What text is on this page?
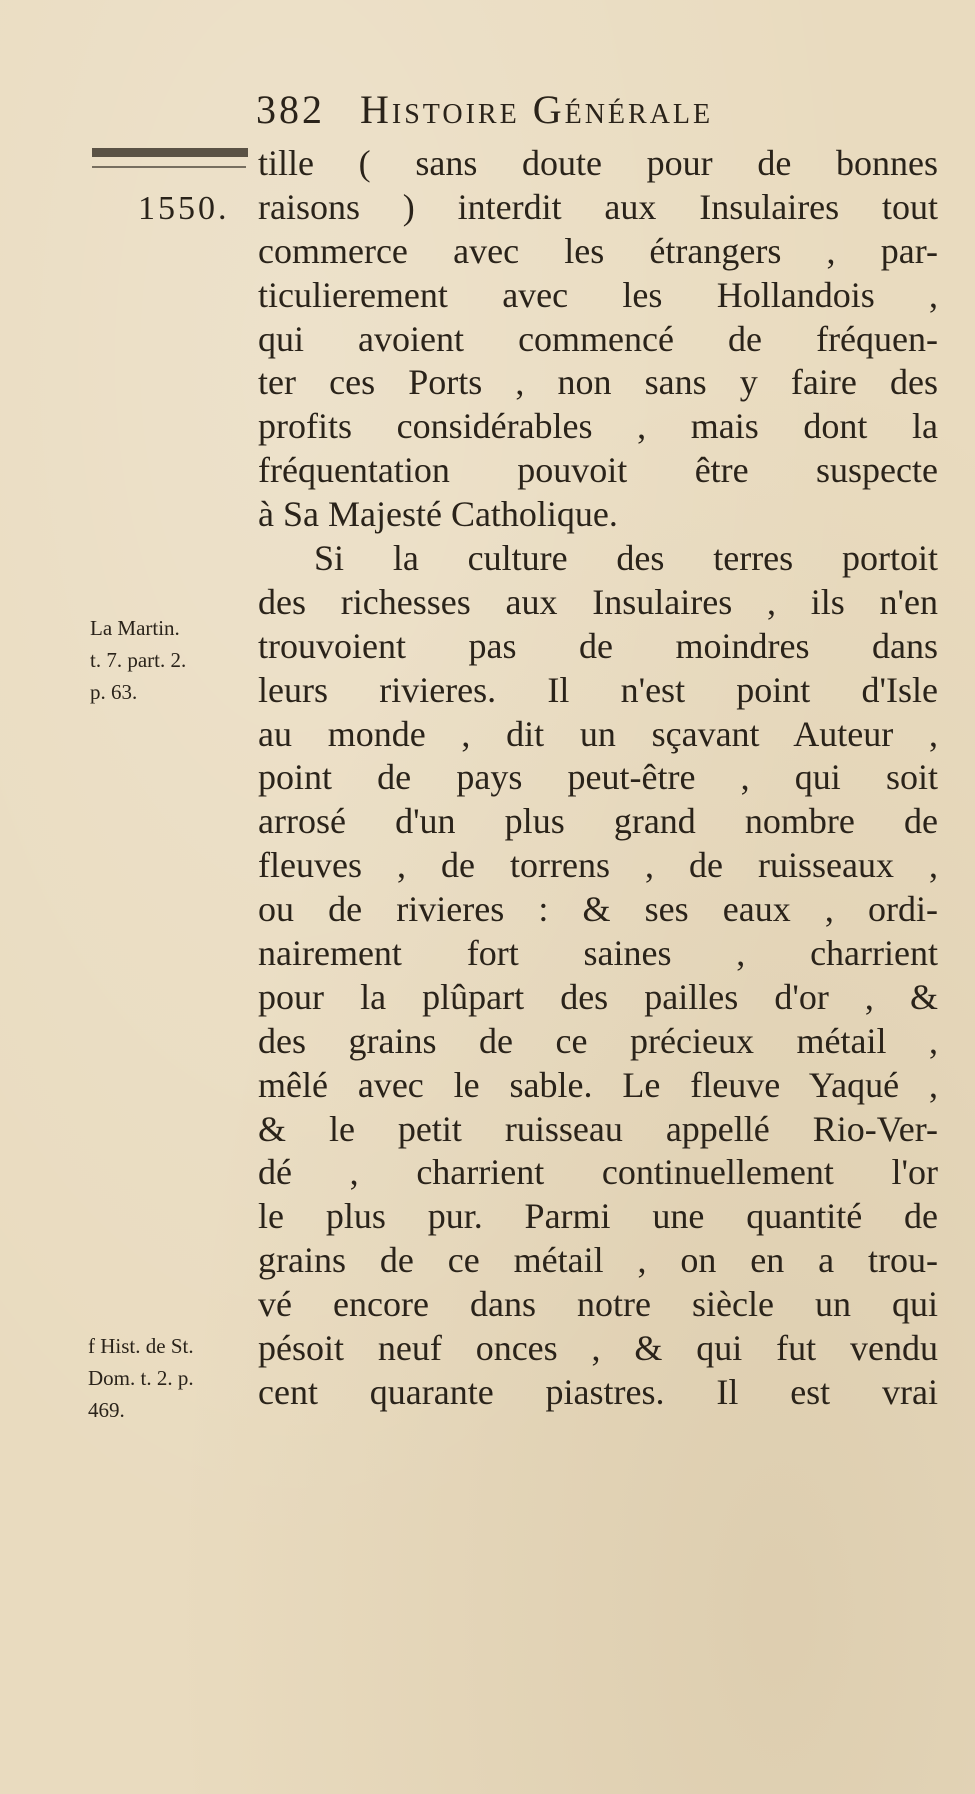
382 Histoire Générale
1550.
La Martin.
t. 7. part. 2.
p. 63.
f Hist. de St.
Dom. t. 2. p.
469.
tille ( sans doute pour de bonnes
raisons ) interdit aux Insulaires tout
commerce avec les étrangers , par-
ticulierement avec les Hollandois ,
qui avoient commencé de fréquen-
ter ces Ports , non sans y faire des
profits considérables , mais dont la
fréquentation pouvoit être suspecte
à Sa Majesté Catholique.
Si la culture des terres portoit
des richesses aux Insulaires , ils n'en
trouvoient pas de moindres dans
leurs rivieres. Il n'est point d'Isle
au monde , dit un sçavant Auteur ,
point de pays peut-être , qui soit
arrosé d'un plus grand nombre de
fleuves , de torrens , de ruisseaux ,
ou de rivieres : & ses eaux , ordi-
nairement fort saines , charrient
pour la plûpart des pailles d'or , &
des grains de ce précieux métail ,
mêlé avec le sable. Le fleuve Yaqué ,
& le petit ruisseau appellé Rio-Ver-
dé , charrient continuellement l'or
le plus pur. Parmi une quantité de
grains de ce métail , on en a trou-
vé encore dans notre siècle un qui
pésoit neuf onces , & qui fut vendu
cent quarante piastres. Il est vrai
